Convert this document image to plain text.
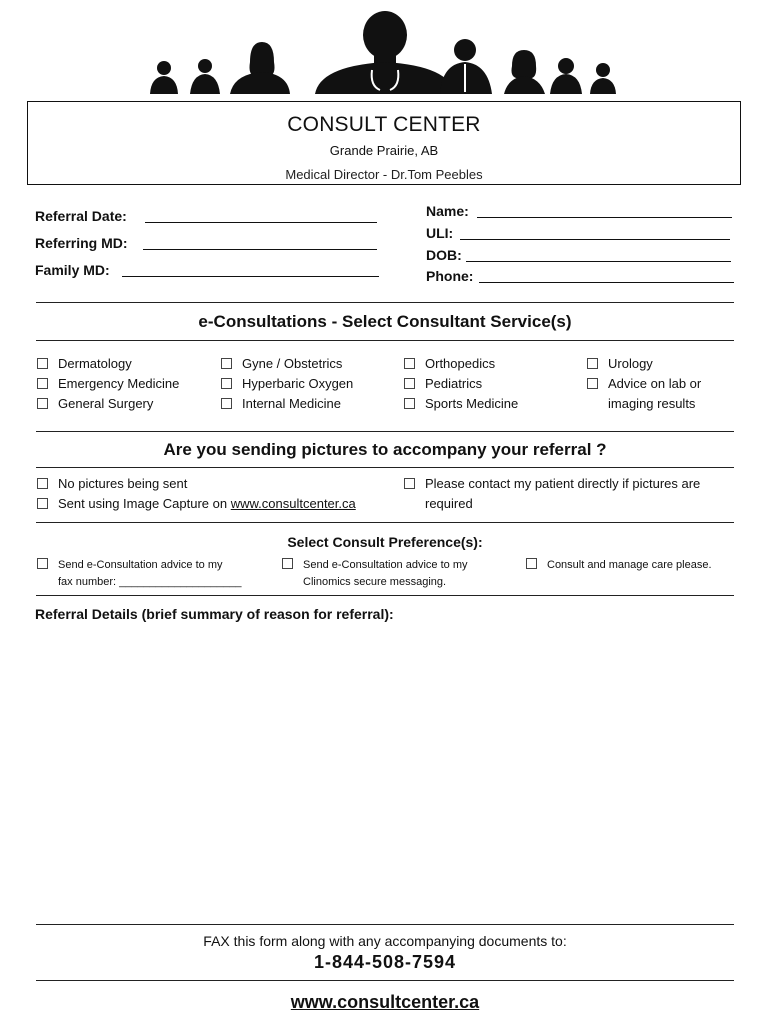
CONSULT CENTER
Grande Prairie, AB
Medical Director - Dr.Tom Peebles
Referral Date:
Referring MD:
Family MD:
Name:
ULI:
DOB:
Phone:
e-Consultations - Select Consultant Service(s)
Dermatology
Emergency Medicine
General Surgery
Gyne / Obstetrics
Hyperbaric Oxygen
Internal Medicine
Orthopedics
Pediatrics
Sports Medicine
Urology
Advice on lab or
imaging results
Are you sending pictures to accompany your referral ?
No pictures being sent
Sent using Image Capture on www.consultcenter.ca
Please contact my patient directly if pictures are
required
Select Consult Preference(s):
Send e-Consultation advice to my
fax number: ____________________
Send e-Consultation advice to my
Clinomics secure messaging.
Consult and manage care please.
Referral Details (brief summary of reason for referral):
FAX this form along with any accompanying documents to:
1-844-508-7594
www.consultcenter.ca
